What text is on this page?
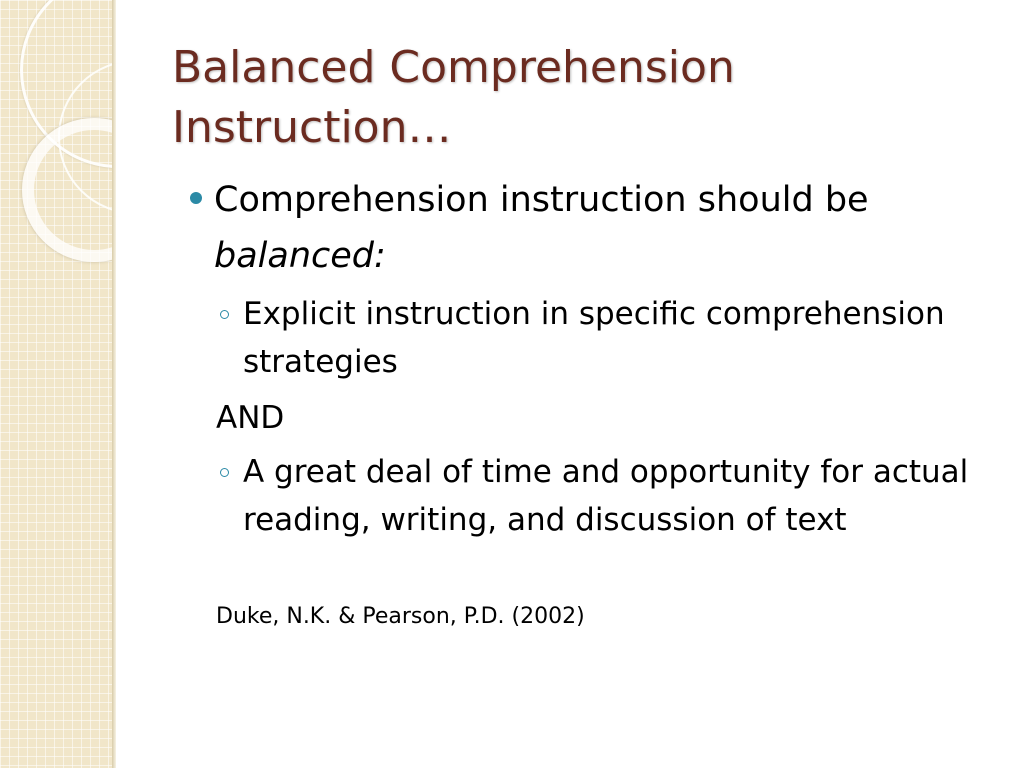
Balanced Comprehension Instruction…
Comprehension instruction should be
balanced:
Explicit instruction in specific comprehension strategies
AND
A great deal of time and opportunity for actual reading, writing, and discussion of text
Duke, N.K. & Pearson, P.D. (2002)
